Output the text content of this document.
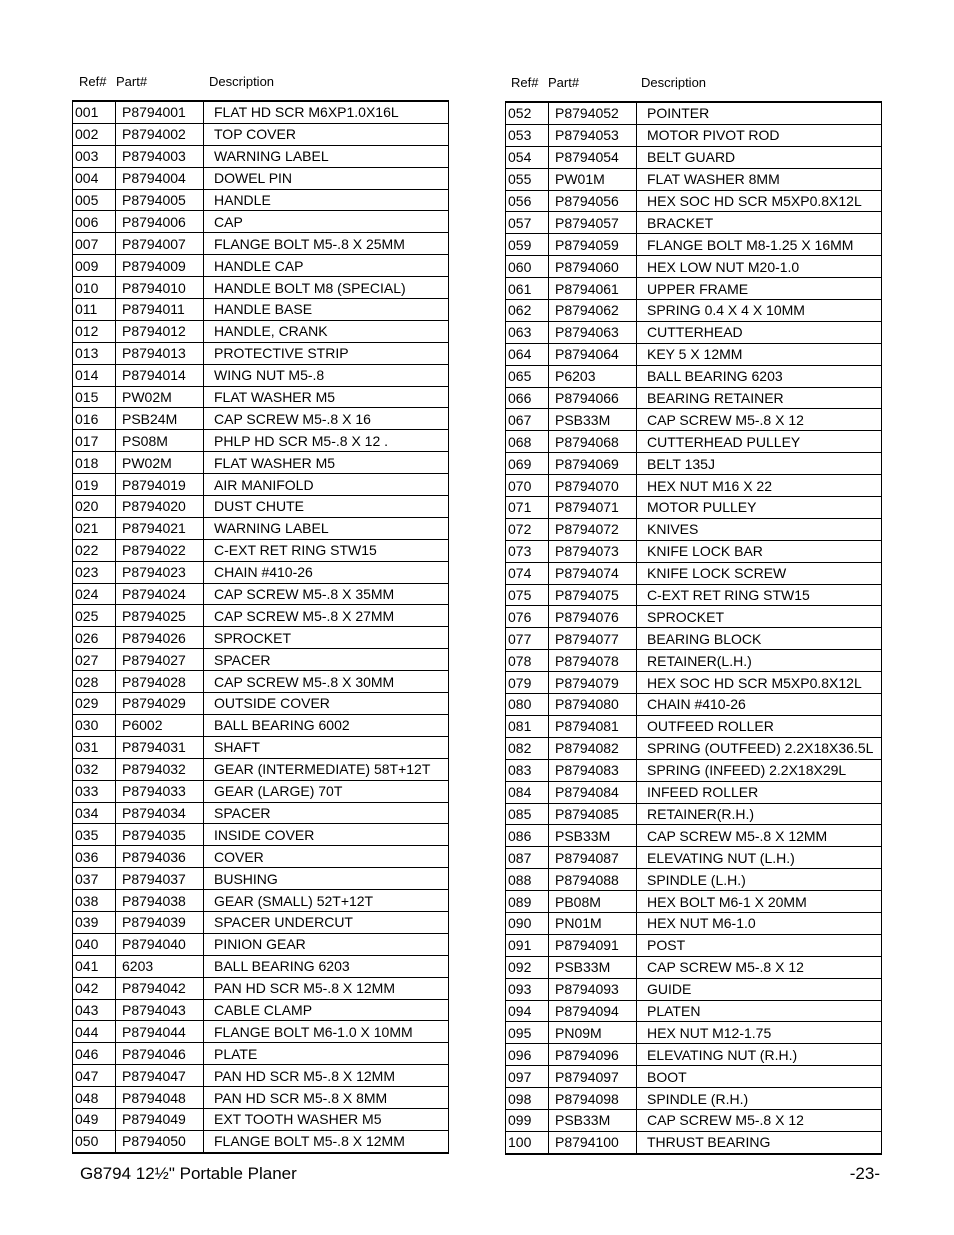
Ref# Part#	Description	Ref# Part#	Description
001	P8794001	FLAT HD SCR M6XP1.0X16L
002	P8794002	TOP COVER
003	P8794003	WARNING LABEL
004	P8794004	DOWEL PIN
005	P8794005	HANDLE
006	P8794006	CAP
007	P8794007	FLANGE BOLT M5-.8 X 25MM
009	P8794009	HANDLE CAP
010	P8794010	HANDLE BOLT M8 (SPECIAL)
011	P8794011	HANDLE BASE
012	P8794012	HANDLE, CRANK
013	P8794013	PROTECTIVE STRIP
014	P8794014	WING NUT M5-.8
015	PW02M	FLAT WASHER M5
016	PSB24M	CAP SCREW M5-.8 X 16
017	PS08M	PHLP HD SCR M5-.8 X 12 .
018	PW02M	FLAT WASHER M5
019	P8794019	AIR MANIFOLD
020	P8794020	DUST CHUTE
021	P8794021	WARNING LABEL
022	P8794022	C-EXT RET RING STW15
023	P8794023	CHAIN #410-26
024	P8794024	CAP SCREW M5-.8 X 35MM
025	P8794025	CAP SCREW M5-.8 X 27MM
026	P8794026	SPROCKET
027	P8794027	SPACER
028	P8794028	CAP SCREW M5-.8 X 30MM
029	P8794029	OUTSIDE COVER
030	P6002	BALL BEARING 6002
031	P8794031	SHAFT
032	P8794032	GEAR (INTERMEDIATE) 58T+12T
033	P8794033	GEAR (LARGE) 70T
034	P8794034	SPACER
035	P8794035	INSIDE COVER
036	P8794036	COVER
037	P8794037	BUSHING
038	P8794038	GEAR (SMALL) 52T+12T
039	P8794039	SPACER UNDERCUT
040	P8794040	PINION GEAR
041	6203	BALL BEARING 6203
042	P8794042	PAN HD SCR M5-.8 X 12MM
043	P8794043	CABLE CLAMP
044	P8794044	FLANGE BOLT M6-1.0 X 10MM
046	P8794046	PLATE
047	P8794047	PAN HD SCR M5-.8 X 12MM
048	P8794048	PAN HD SCR M5-.8 X 8MM
049	P8794049	EXT TOOTH WASHER M5
050	P8794050	FLANGE BOLT M5-.8 X 12MM
052	P8794052	POINTER
053	P8794053	MOTOR PIVOT ROD
054	P8794054	BELT GUARD
055	PW01M	FLAT WASHER 8MM
056	P8794056	HEX SOC HD SCR M5XP0.8X12L
057	P8794057	BRACKET
059	P8794059	FLANGE BOLT M8-1.25 X 16MM
060	P8794060	HEX LOW NUT M20-1.0
061	P8794061	UPPER FRAME
062	P8794062	SPRING 0.4 X 4 X 10MM
063	P8794063	CUTTERHEAD
064	P8794064	KEY 5 X 12MM
065	P6203	BALL BEARING 6203
066	P8794066	BEARING RETAINER
067	PSB33M	CAP SCREW M5-.8 X 12
068	P8794068	CUTTERHEAD PULLEY
069	P8794069	BELT 135J
070	P8794070	HEX NUT M16 X 22
071	P8794071	MOTOR PULLEY
072	P8794072	KNIVES
073	P8794073	KNIFE LOCK BAR
074	P8794074	KNIFE LOCK SCREW
075	P8794075	C-EXT RET RING STW15
076	P8794076	SPROCKET
077	P8794077	BEARING BLOCK
078	P8794078	RETAINER(L.H.)
079	P8794079	HEX SOC HD SCR M5XP0.8X12L
080	P8794080	CHAIN #410-26
081	P8794081	OUTFEED ROLLER
082	P8794082	SPRING (OUTFEED) 2.2X18X36.5L
083	P8794083	SPRING (INFEED) 2.2X18X29L
084	P8794084	INFEED ROLLER
085	P8794085	RETAINER(R.H.)
086	PSB33M	CAP SCREW M5-.8 X 12MM
087	P8794087	ELEVATING NUT (L.H.)
088	P8794088	SPINDLE (L.H.)
089	PB08M	HEX BOLT M6-1 X 20MM
090	PN01M	HEX NUT M6-1.0
091	P8794091	POST
092	PSB33M	CAP SCREW M5-.8 X 12
093	P8794093	GUIDE
094	P8794094	PLATEN
095	PN09M	HEX NUT M12-1.75
096	P8794096	ELEVATING NUT (R.H.)
097	P8794097	BOOT
098	P8794098	SPINDLE (R.H.)
099	PSB33M	CAP SCREW M5-.8 X 12
100	P8794100	THRUST BEARING
G8794 12½" Portable Planer	-23-
